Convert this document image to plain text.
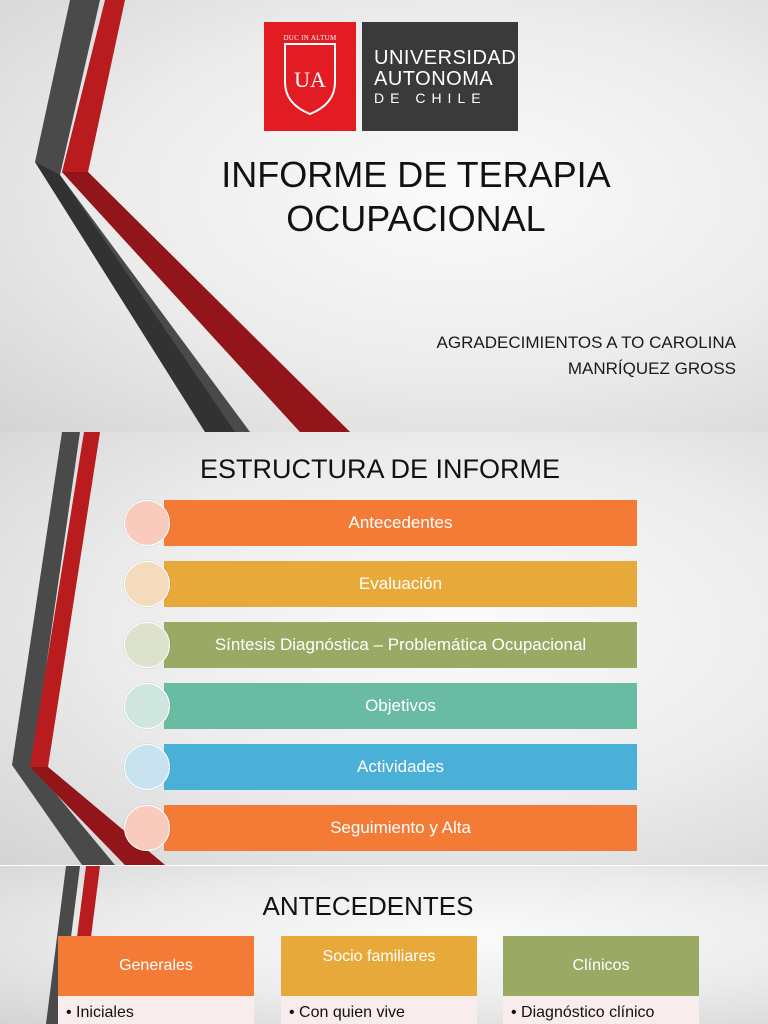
DUC IN ALTUM
UA
UNIVERSIDAD
AUTONOMA
DE CHILE
INFORME DE TERAPIA
OCUPACIONAL
AGRADECIMIENTOS A TO CAROLINA
MANRÍQUEZ GROSS
ESTRUCTURA DE INFORME
Antecedentes
Evaluación
Síntesis Diagnóstica – Problemática Ocupacional
Objetivos
Actividades
Seguimiento y Alta
ANTECEDENTES
Generales
• Iniciales
Socio familiares
• Con quien vive
Clínicos
• Diagnóstico clínico
